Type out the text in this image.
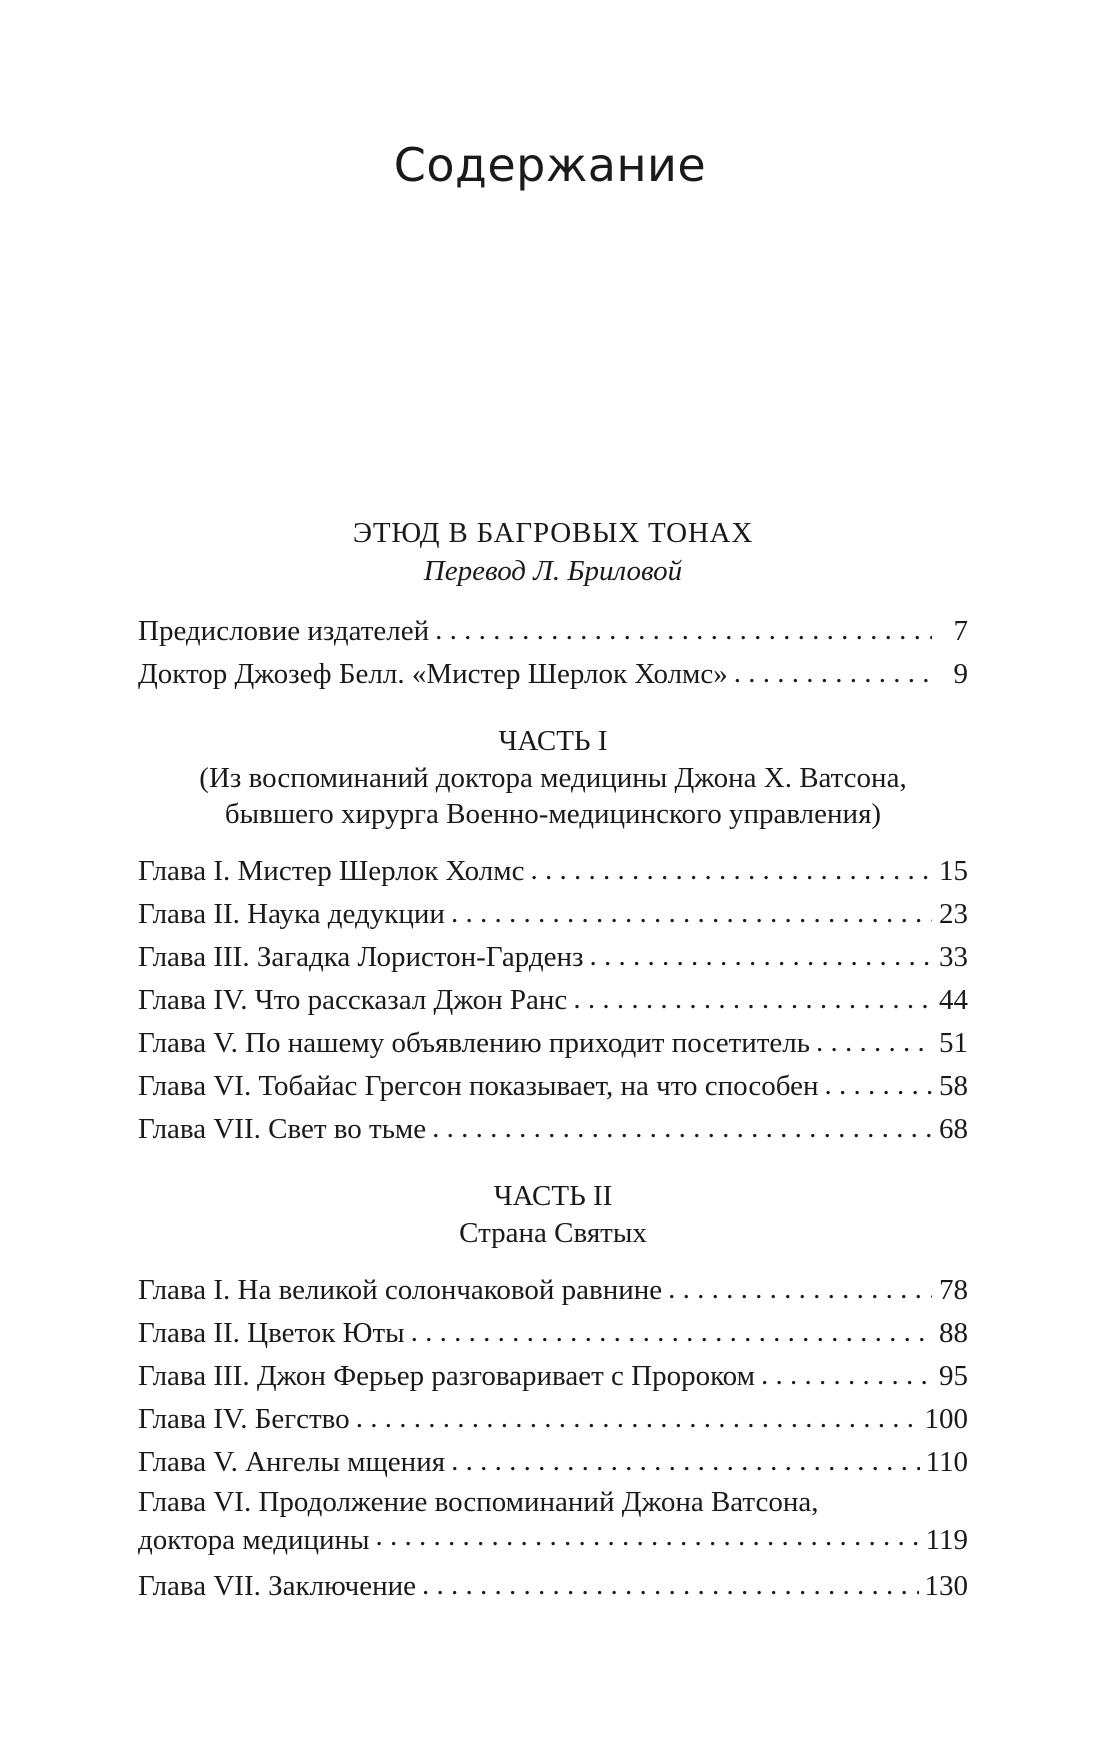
Содержание
ЭТЮД В БАГРОВЫХ ТОНАХ
Перевод Л. Бриловой
Предисловие издателей . . .	7
Доктор Джозеф Белл. «Мистер Шерлок Холмс» . . .	9
ЧАСТЬ I
(Из воспоминаний доктора медицины Джона Х. Ватсона,
бывшего хирурга Военно-медицинского управления)
Глава I. Мистер Шерлок Холмс . . .	15
Глава II. Наука дедукции . . .	23
Глава III. Загадка Лористон-Гарденз . . .	33
Глава IV. Что рассказал Джон Ранс . . .	44
Глава V. По нашему объявлению приходит посетитель . . .	51
Глава VI. Тобайас Грегсон показывает, на что способен . . .	58
Глава VII. Свет во тьме . . .	68
ЧАСТЬ II
Страна Святых
Глава I. На великой солончаковой равнине . . .	78
Глава II. Цветок Юты . . .	88
Глава III. Джон Ферьер разговаривает с Пророком . . .	95
Глава IV. Бегство . . .	100
Глава V. Ангелы мщения . . .	110
Глава VI. Продолжение воспоминаний Джона Ватсона,
доктора медицины . . .	119
Глава VII. Заключение . . .	130
